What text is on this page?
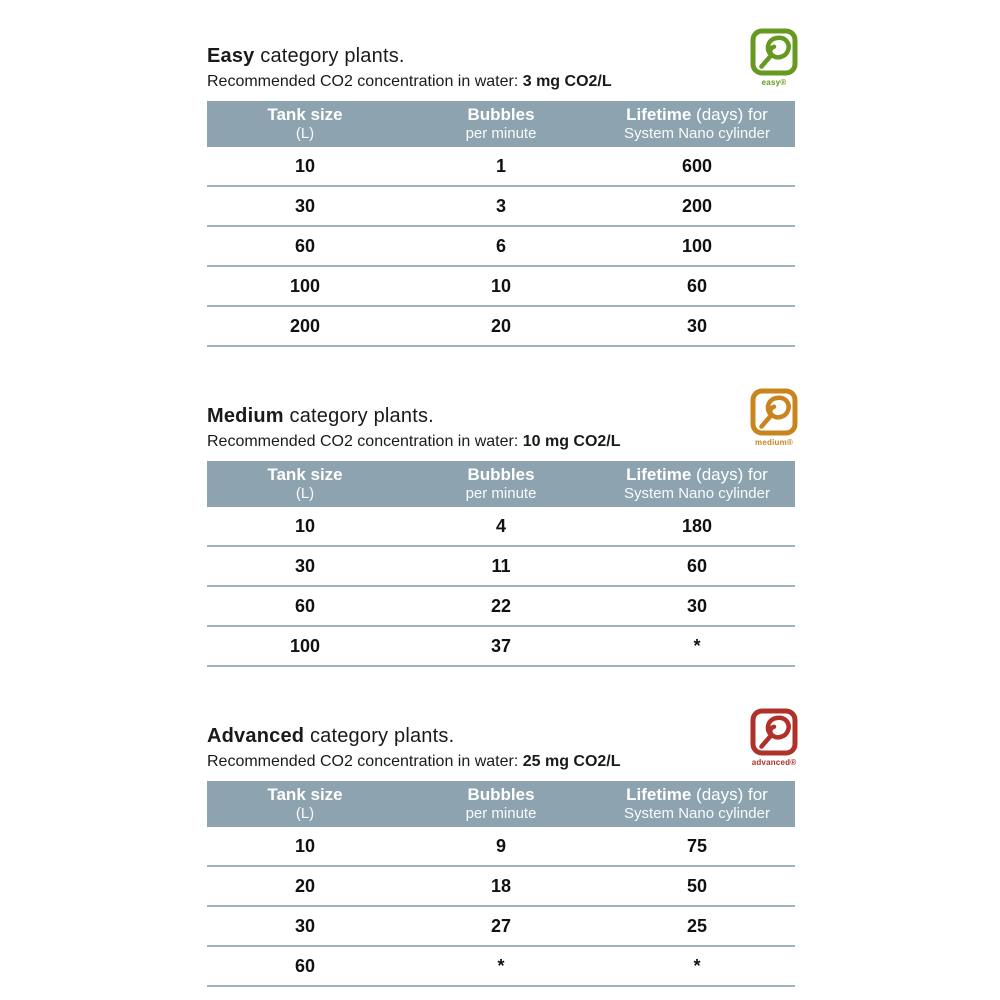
easy®
Easy category plants.

Recommended CO2 concentration in water: 3 mg CO2/L

Tank size
(L)
Bubbles
per minute
Lifetime (days) for
System Nano cylinder
10	1	600
30	3	200
60	6	100
100	10	60
200	20	30
medium®
Medium category plants.

Recommended CO2 concentration in water: 10 mg CO2/L

Tank size
(L)
Bubbles
per minute
Lifetime (days) for
System Nano cylinder
10	4	180
30	11	60
60	22	30
100	37	*
advanced®
Advanced category plants.

Recommended CO2 concentration in water: 25 mg CO2/L

Tank size
(L)
Bubbles
per minute
Lifetime (days) for
System Nano cylinder
10	9	75
20	18	50
30	27	25
60	*	*
